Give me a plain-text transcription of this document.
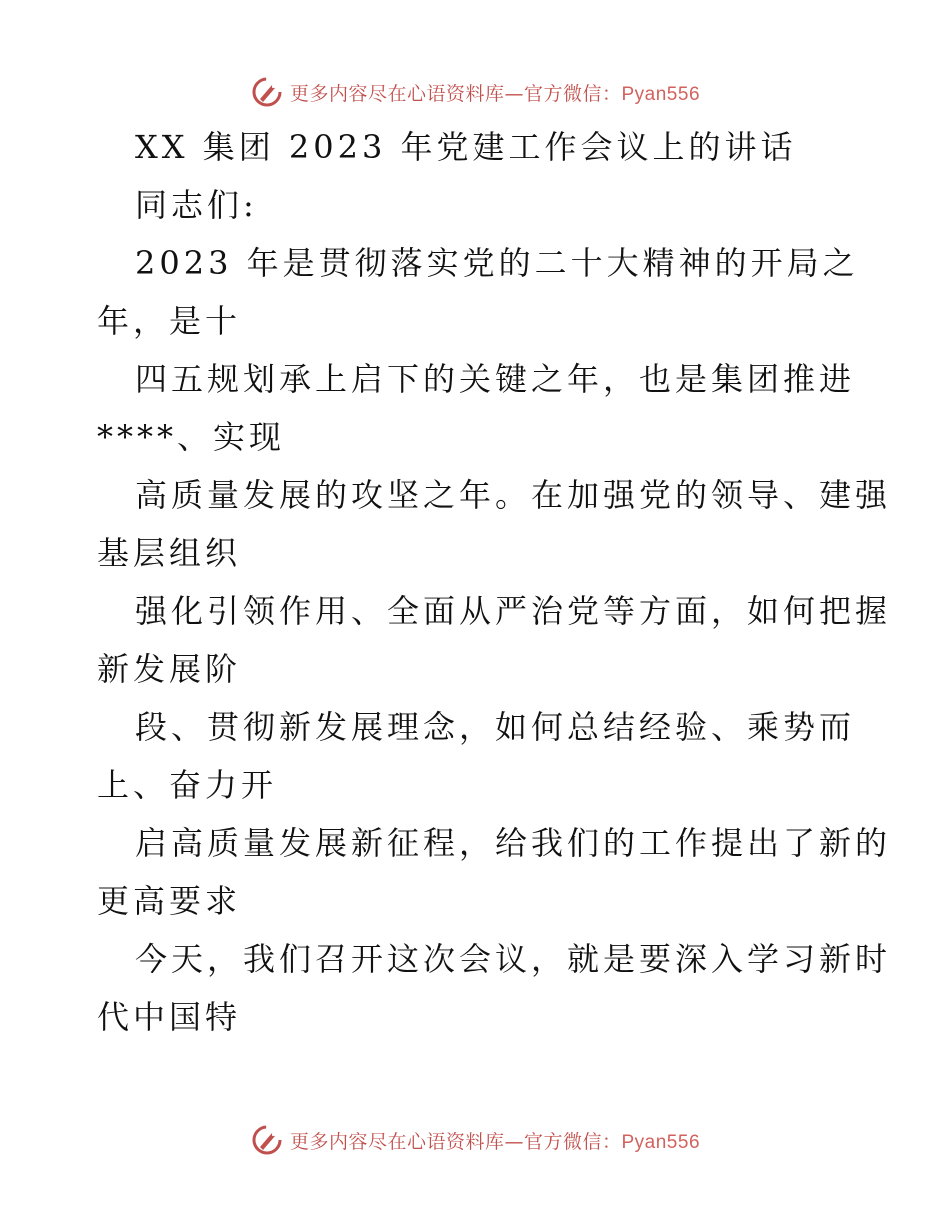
更多内容尽在心语资料库—官方微信：Pyan556
XX 集团 2023 年党建工作会议上的讲话
同志们:
2023 年是贯彻落实党的二十大精神的开局之
年，是十
四五规划承上启下的关键之年，也是集团推进
****、实现
高质量发展的攻坚之年。在加强党的领导、建强
基层组织
强化引领作用、全面从严治党等方面，如何把握
新发展阶
段、贯彻新发展理念，如何总结经验、乘势而
上、奋力开
启高质量发展新征程，给我们的工作提出了新的
更高要求
今天，我们召开这次会议，就是要深入学习新时
代中国特
更多内容尽在心语资料库—官方微信：Pyan556
